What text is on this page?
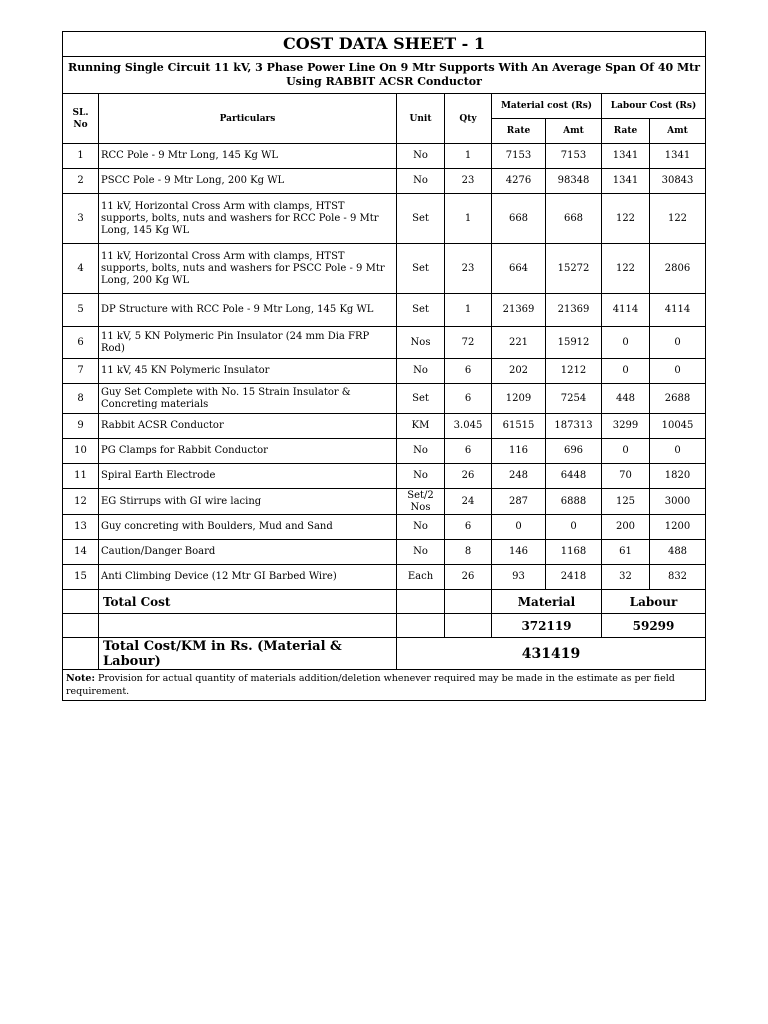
COST DATA SHEET - 1							
Running Single Circuit 11 kV, 3 Phase Power Line On 9 Mtr Supports With An Average Span Of 40 Mtr Using RABBIT ACSR Conductor							
SL. No	Particulars	Unit	Qty	Material cost (Rs)		Labour Cost (Rs)	
				Rate	Amt	Rate	Amt
1	RCC Pole - 9 Mtr Long, 145 Kg WL	No	1	7153	7153	1341	1341
2	PSCC Pole - 9 Mtr Long, 200 Kg WL	No	23	4276	98348	1341	30843
3	11 kV, Horizontal Cross Arm with clamps, HTST supports, bolts, nuts and washers for RCC Pole - 9 Mtr Long, 145 Kg WL	Set	1	668	668	122	122
4	11 kV, Horizontal Cross Arm with clamps, HTST supports, bolts, nuts and washers for PSCC Pole - 9 Mtr Long, 200 Kg WL	Set	23	664	15272	122	2806
5	DP Structure with RCC Pole - 9 Mtr Long, 145 Kg WL	Set	1	21369	21369	4114	4114
6	11 kV, 5 KN Polymeric Pin Insulator (24 mm Dia FRP Rod)	Nos	72	221	15912	0	0
7	11 kV, 45 KN Polymeric Insulator	No	6	202	1212	0	0
8	Guy Set Complete with No. 15 Strain Insulator & Concreting materials	Set	6	1209	7254	448	2688
9	Rabbit ACSR Conductor	KM	3.045	61515	187313	3299	10045
10	PG Clamps for Rabbit Conductor	No	6	116	696	0	0
11	Spiral Earth Electrode	No	26	248	6448	70	1820
12	EG Stirrups with GI wire lacing	Set/2 Nos	24	287	6888	125	3000
13	Guy concreting with Boulders, Mud and Sand	No	6	0	0	200	1200
14	Caution/Danger Board	No	8	146	1168	61	488
15	Anti Climbing Device (12 Mtr GI Barbed Wire)	Each	26	93	2418	32	832
	Total Cost			Material		Labour	
				372119		59299	
	Total Cost/KM in Rs. (Material & Labour)	431419					
Note: Provision for actual quantity of materials addition/deletion whenever required may be made in the estimate as per field requirement.							
